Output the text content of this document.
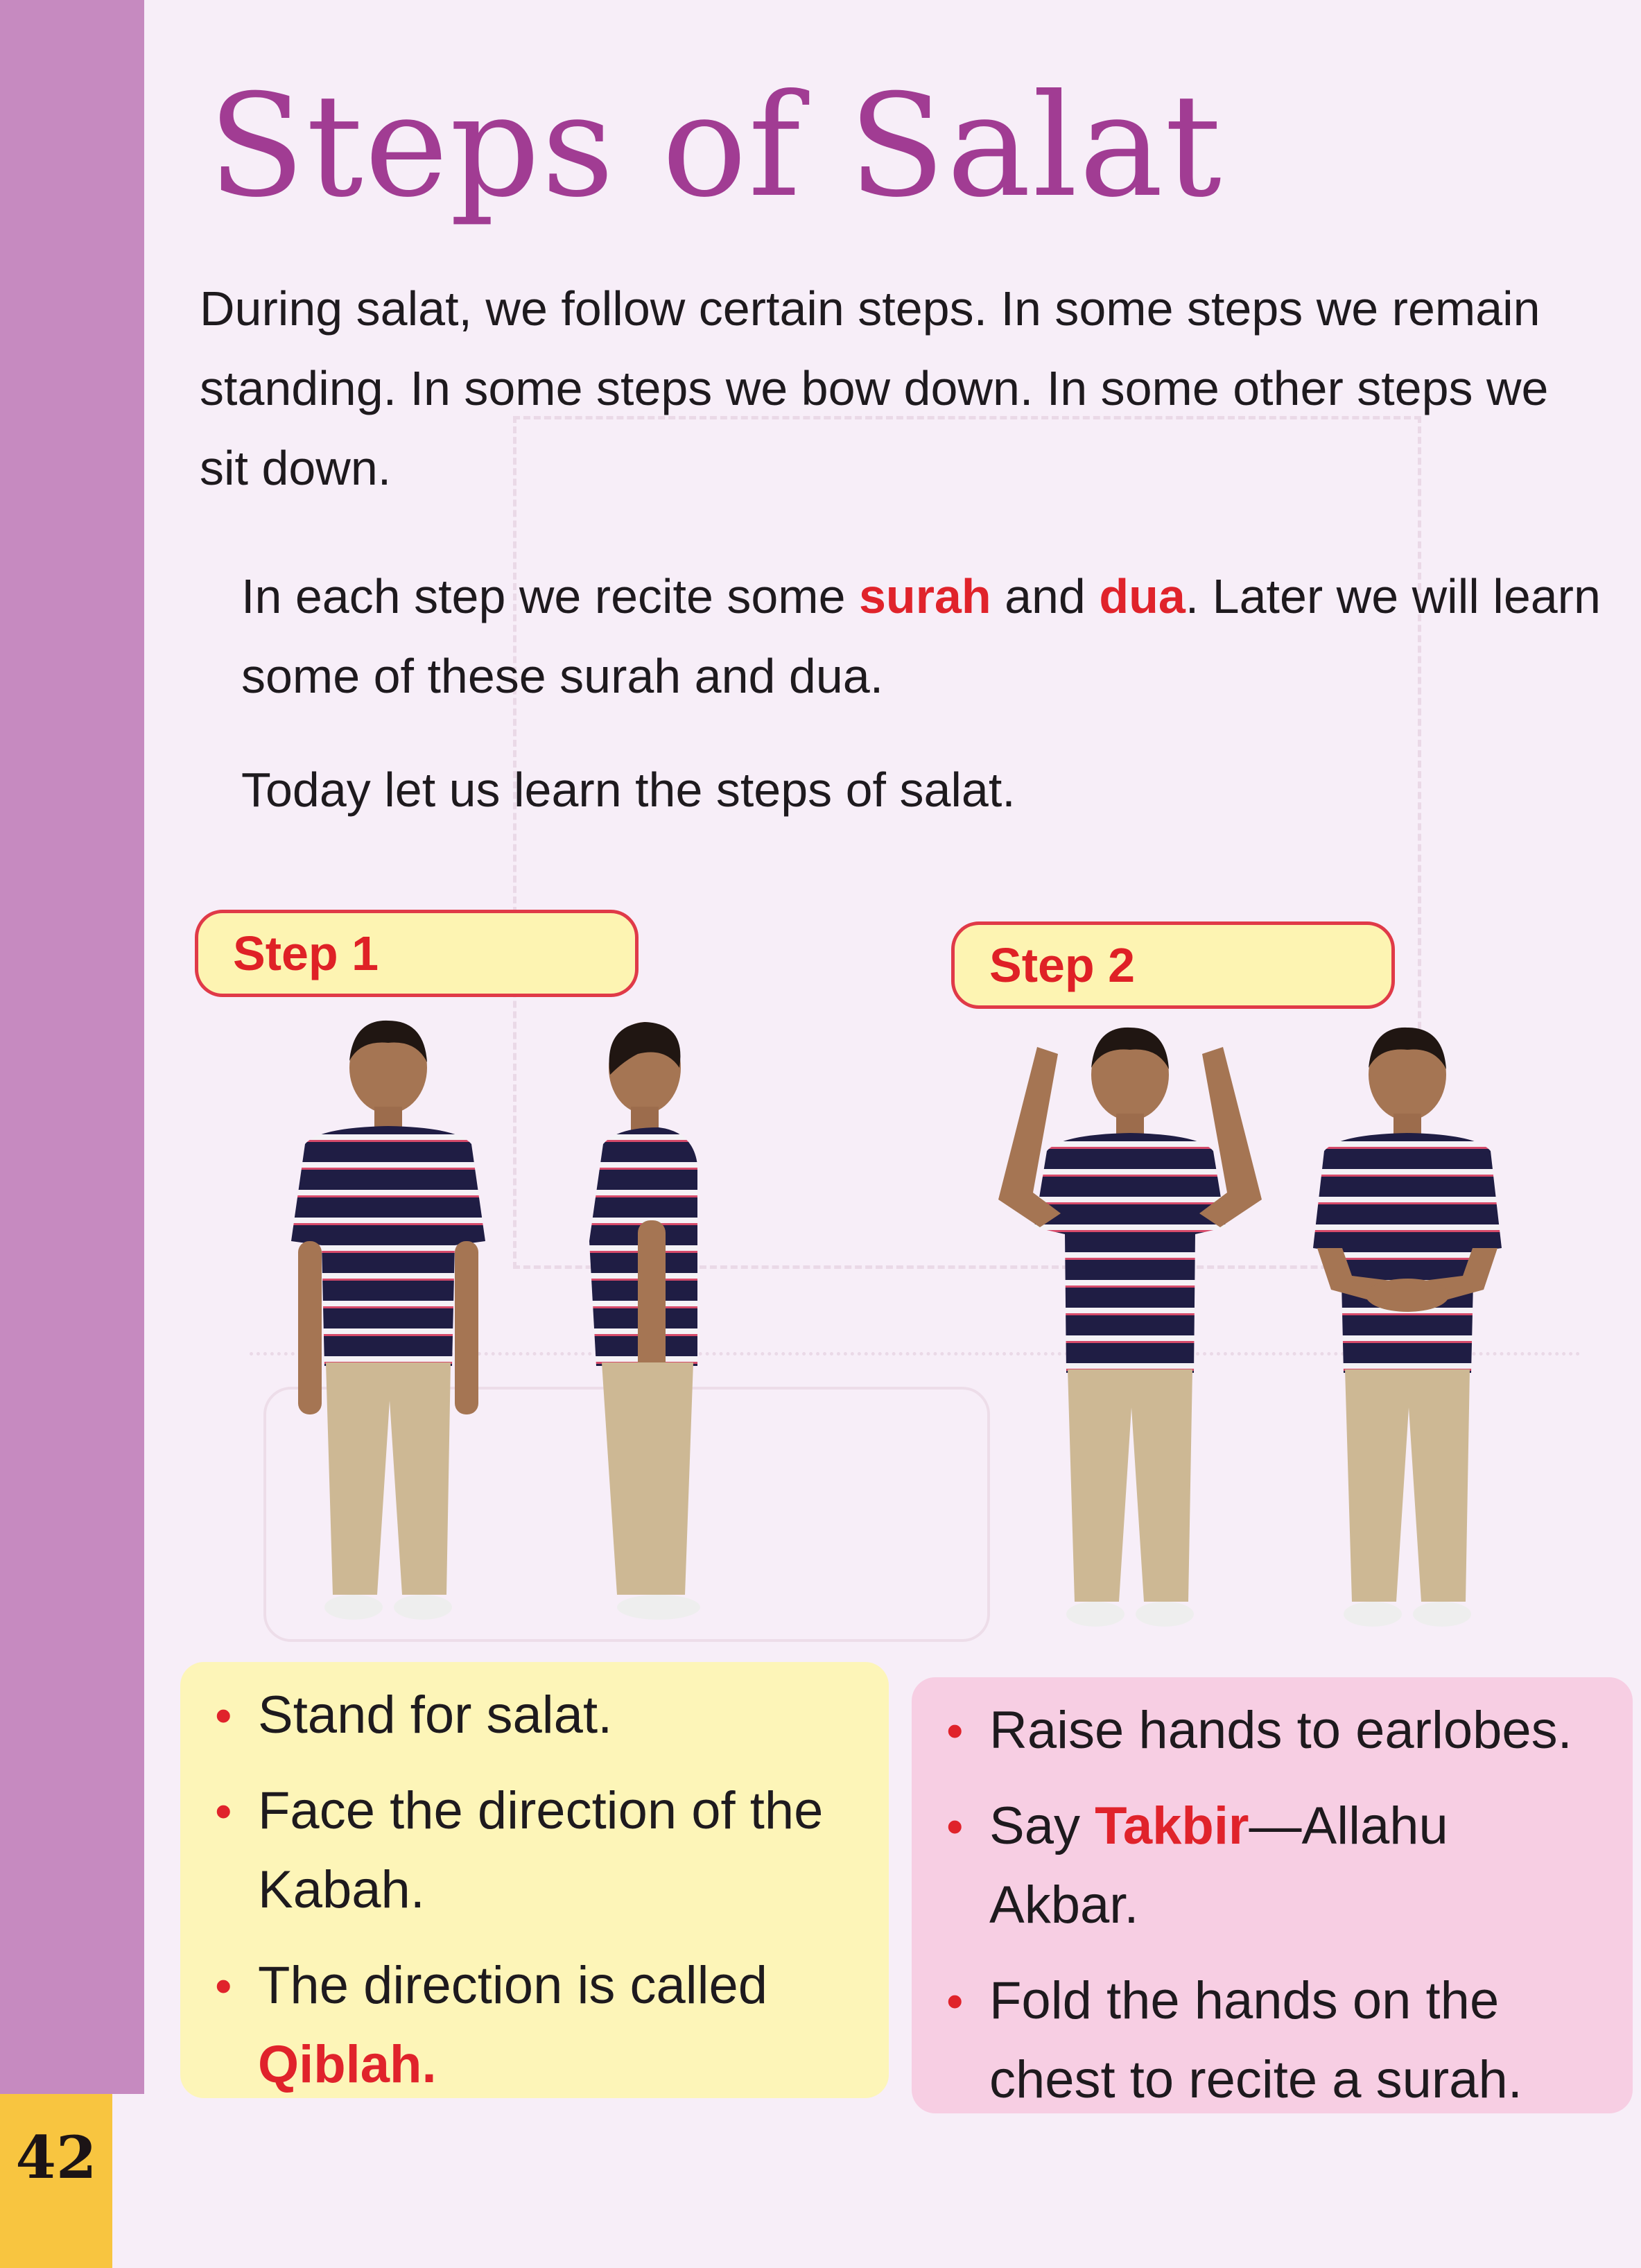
42
Steps of Salat

During salat, we follow certain steps. In some steps we remain standing. In some steps we bow down. In some other steps we sit down.

In each step we recite some surah and dua. Later we will learn some of these surah and dua.

Today let us learn the steps of salat.

Step 1	Step 2
• Stand for salat.
• Face the direction of the Kabah.
• The direction is called Qiblah.
• Raise hands to earlobes.
• Say Takbir—Allahu Akbar.
• Fold the hands on the chest to recite a surah.
